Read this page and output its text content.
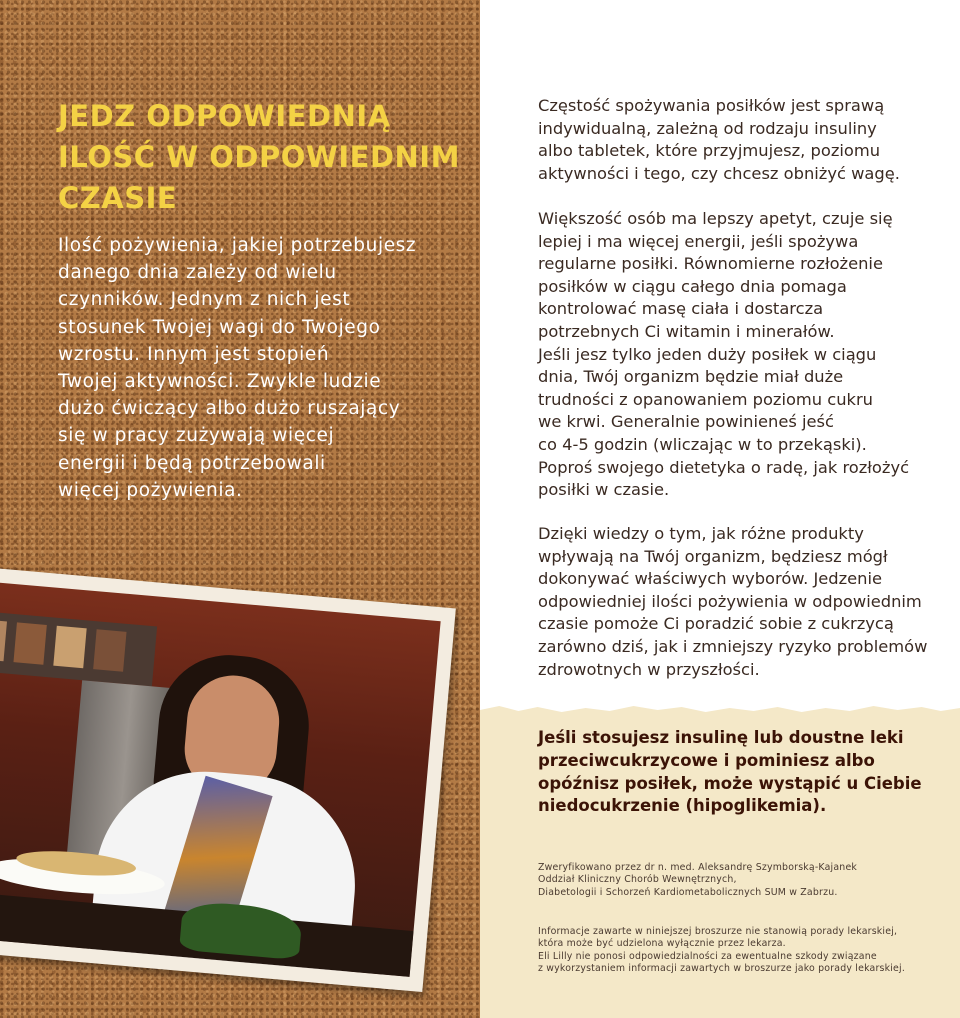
JEDZ ODPOWIEDNIĄ
ILOŚĆ W ODPOWIEDNIM
CZASIE

Ilość pożywienia, jakiej potrzebujesz
danego dnia zależy od wielu
czynników. Jednym z nich jest
stosunek Twojej wagi do Twojego
wzrostu. Innym jest stopień
Twojej aktywności. Zwykle ludzie
dużo ćwiczący albo dużo ruszający
się w pracy zużywają więcej
energii i będą potrzebowali
więcej pożywienia.

Częstość spożywania posiłków jest sprawą
indywidualną, zależną od rodzaju insuliny
albo tabletek, które przyjmujesz, poziomu
aktywności i tego, czy chcesz obniżyć wagę.

Większość osób ma lepszy apetyt, czuje się
lepiej i ma więcej energii, jeśli spożywa
regularne posiłki. Równomierne rozłożenie
posiłków w ciągu całego dnia pomaga
kontrolować masę ciała i dostarcza
potrzebnych Ci witamin i minerałów.
Jeśli jesz tylko jeden duży posiłek w ciągu
dnia, Twój organizm będzie miał duże
trudności z opanowaniem poziomu cukru
we krwi. Generalnie powinieneś jeść
co 4-5 godzin (wliczając w to przekąski).
Poproś swojego dietetyka o radę, jak rozłożyć
posiłki w czasie.

Dzięki wiedzy o tym, jak różne produkty
wpływają na Twój organizm, będziesz mógł
dokonywać właściwych wyborów. Jedzenie
odpowiedniej ilości pożywienia w odpowiednim
czasie pomoże Ci poradzić sobie z cukrzycą
zarówno dziś, jak i zmniejszy ryzyko problemów
zdrowotnych w przyszłości.

Jeśli stosujesz insulinę lub doustne leki
przeciwcukrzycowe i pominiesz albo
opóźnisz posiłek, może wystąpić u Ciebie
niedocukrzenie (hipoglikemia).

Zweryfikowano przez dr n. med. Aleksandrę Szymborską-Kajanek
Oddział Kliniczny Chorób Wewnętrznych,
Diabetologii i Schorzeń Kardiometabolicznych SUM w Zabrzu.

Informacje zawarte w niniejszej broszurze nie stanowią porady lekarskiej,
która może być udzielona wyłącznie przez lekarza.
Eli Lilly nie ponosi odpowiedzialności za ewentualne szkody związane
z wykorzystaniem informacji zawartych w broszurze jako porady lekarskiej.
